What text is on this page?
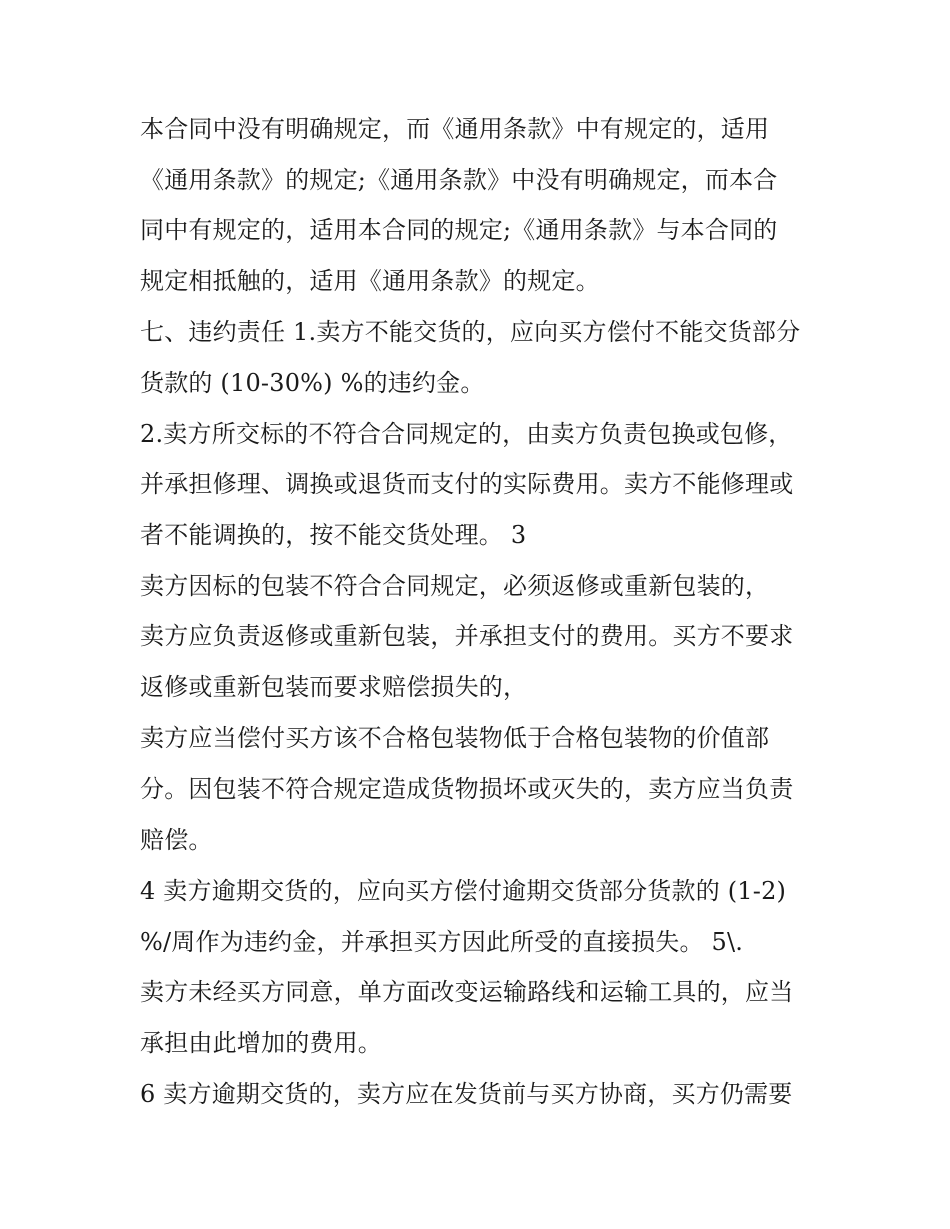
本合同中没有明确规定，而《通用条款》中有规定的，适用
《通用条款》的规定;《通用条款》中没有明确规定，而本合
同中有规定的，适用本合同的规定;《通用条款》与本合同的
规定相抵触的，适用《通用条款》的规定。
七、违约责任 1.卖方不能交货的，应向买方偿付不能交货部分
货款的 (10-30%) %的违约金。
2.卖方所交标的不符合合同规定的，由卖方负责包换或包修，
并承担修理、调换或退货而支付的实际费用。卖方不能修理或
者不能调换的，按不能交货处理。 3
卖方因标的包装不符合合同规定，必须返修或重新包装的，
卖方应负责返修或重新包装，并承担支付的费用。买方不要求
返修或重新包装而要求赔偿损失的，
卖方应当偿付买方该不合格包装物低于合格包装物的价值部
分。因包装不符合规定造成货物损坏或灭失的，卖方应当负责
赔偿。
4 卖方逾期交货的，应向买方偿付逾期交货部分货款的 (1-2)
%/周作为违约金，并承担买方因此所受的直接损失。 5\.
卖方未经买方同意，单方面改变运输路线和运输工具的，应当
承担由此增加的费用。
6 卖方逾期交货的，卖方应在发货前与买方协商，买方仍需要
